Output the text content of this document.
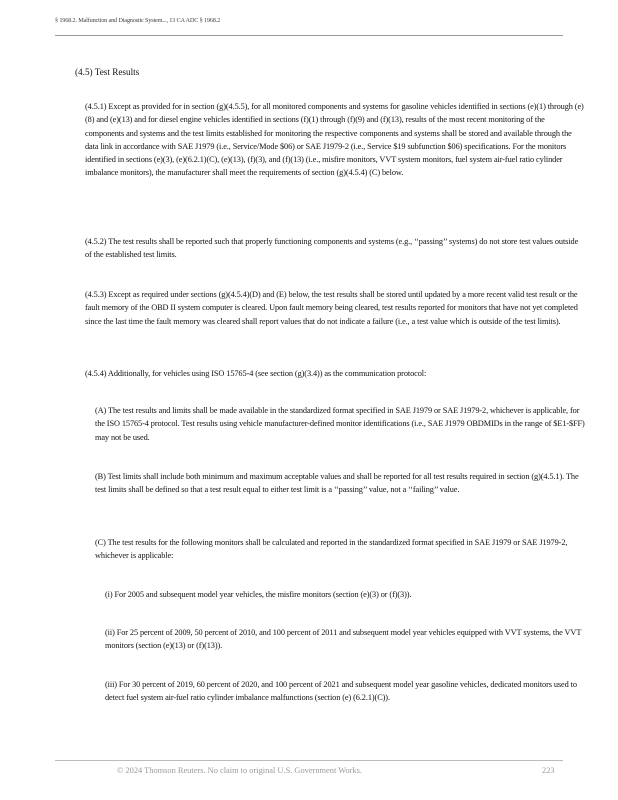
§ 1968.2. Malfunction and Diagnostic System..., 13 CA ADC § 1968.2
(4.5) Test Results
(4.5.1) Except as provided for in section (g)(4.5.5), for all monitored components and systems for gasoline vehicles identified in sections (e)(1) through (e)(8) and (e)(13) and for diesel engine vehicles identified in sections (f)(1) through (f)(9) and (f)(13), results of the most recent monitoring of the components and systems and the test limits established for monitoring the respective components and systems shall be stored and available through the data link in accordance with SAE J1979 (i.e., Service/Mode $06) or SAE J1979-2 (i.e., Service $19 subfunction $06) specifications. For the monitors identified in sections (e)(3), (e)(6.2.1)(C), (e)(13), (f)(3), and (f)(13) (i.e., misfire monitors, VVT system monitors, fuel system air-fuel ratio cylinder imbalance monitors), the manufacturer shall meet the requirements of section (g)(4.5.4) (C) below.
(4.5.2) The test results shall be reported such that properly functioning components and systems (e.g., ‘‘passing’’ systems) do not store test values outside of the established test limits.
(4.5.3) Except as required under sections (g)(4.5.4)(D) and (E) below, the test results shall be stored until updated by a more recent valid test result or the fault memory of the OBD II system computer is cleared. Upon fault memory being cleared, test results reported for monitors that have not yet completed since the last time the fault memory was cleared shall report values that do not indicate a failure (i.e., a test value which is outside of the test limits).
(4.5.4) Additionally, for vehicles using ISO 15765-4 (see section (g)(3.4)) as the communication protocol:
(A) The test results and limits shall be made available in the standardized format specified in SAE J1979 or SAE J1979-2, whichever is applicable, for the ISO 15765-4 protocol. Test results using vehicle manufacturer-defined monitor identifications (i.e., SAE J1979 OBDMIDs in the range of $E1-$FF) may not be used.
(B) Test limits shall include both minimum and maximum acceptable values and shall be reported for all test results required in section (g)(4.5.1). The test limits shall be defined so that a test result equal to either test limit is a ‘‘passing’’ value, not a ‘‘failing’’ value.
(C) The test results for the following monitors shall be calculated and reported in the standardized format specified in SAE J1979 or SAE J1979-2, whichever is applicable:
(i) For 2005 and subsequent model year vehicles, the misfire monitors (section (e)(3) or (f)(3)).
(ii) For 25 percent of 2009, 50 percent of 2010, and 100 percent of 2011 and subsequent model year vehicles equipped with VVT systems, the VVT monitors (section (e)(13) or (f)(13)).
(iii) For 30 percent of 2019, 60 percent of 2020, and 100 percent of 2021 and subsequent model year gasoline vehicles, dedicated monitors used to detect fuel system air-fuel ratio cylinder imbalance malfunctions (section (e) (6.2.1)(C)).
© 2024 Thomson Reuters. No claim to original U.S. Government Works.	223
